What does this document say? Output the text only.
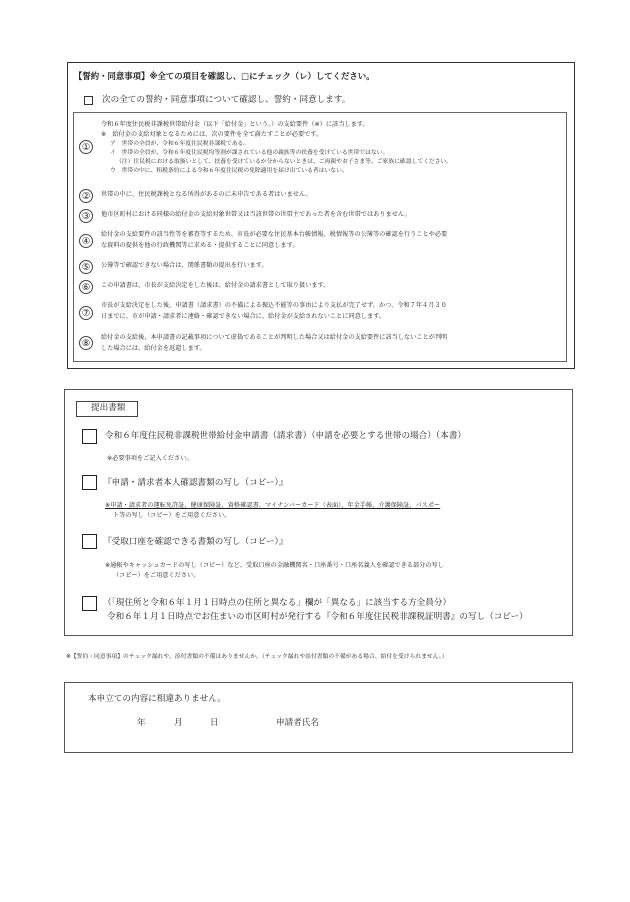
【誓約・同意事項】※全ての項目を確認し、□にチェック（レ）してください。
次の全ての誓約・同意事項について確認し、誓約・同意します。
①
令和６年度住民税非課税世帯給付金（以下「給付金」という。）の支給要件（※）に該当します。
※　給付金の支給対象となるためには、次の要件を全て満たすことが必要です。
ア　世帯の全員が、令和６年度住民税非課税である。
イ　世帯の全員が、令和６年度住民税均等割が課されている他の親族等の扶養を受けている世帯ではない。
（注）住民税における取扱いとして、扶養を受けているか分からないときは、ご両親やお子さま等、ご家族に確認してください。
ウ　世帯の中に、租税条約による令和６年度住民税の免除適用を届け出ている者はいない。
②	世帯の中に、住民税課税となる所得があるのに未申告である者はいません。
③	他市区町村における同様の給付金の支給対象世帯又は当該世帯の世帯主であった者を含む世帯ではありません。
④
給付金の支給要件の該当性等を審査等するため、市長が必要な住民基本台帳情報、税情報等の公簿等の確認を行うことや必要
な資料の提供を他の行政機関等に求める・提供することに同意します。
⑤	公簿等で確認できない場合は、関係書類の提出を行います。
⑥	この申請書は、市長が支給決定をした後は、給付金の請求書として取り扱います。
⑦
市長が支給決定をした後、申請書（請求書）の不備による振込不能等の事由により支払が完了せず、かつ、令和７年４月３０
日までに、市が申請・請求者に連絡・確認できない場合に、給付金が支給されないことに同意します。
⑧
給付金の支給後、本申請書の記載事項について虚偽であることが判明した場合又は給付金の支給要件に該当しないことが判明
した場合には、給付金を返還します。
提出書類
令和６年度住民税非課税世帯給付金申請書（請求書）（申請を必要とする世帯の場合）（本書）
※必要事項をご記入ください。
『申請・請求者本人確認書類の写し（コピー）』
※申請・請求者の運転免許証、健康保険証、資格確認書、マイナンバーカード（表面）、年金手帳、介護保険証、パスポー
ト等の写し（コピー）をご用意ください。
『受取口座を確認できる書類の写し（コピー）』
※通帳やキャッシュカードの写し（コピー）など、受取口座の金融機関名・口座番号・口座名義人を確認できる部分の写し
（コピー）をご用意ください。
（「現住所と令和６年１月１日時点の住所と異なる」欄が「異なる」に該当する方全員分）
令和６年１月１日時点でお住まいの市区町村が発行する『令和６年度住民税非課税証明書』の写し（コピー）
※【誓約・同意事項】のチェック漏れや、添付書類の不備はありませんか。（チェック漏れや添付書類の不備がある場合、給付を受けられません。）
本申立ての内容に相違ありません。
年	月	日	申請者氏名
